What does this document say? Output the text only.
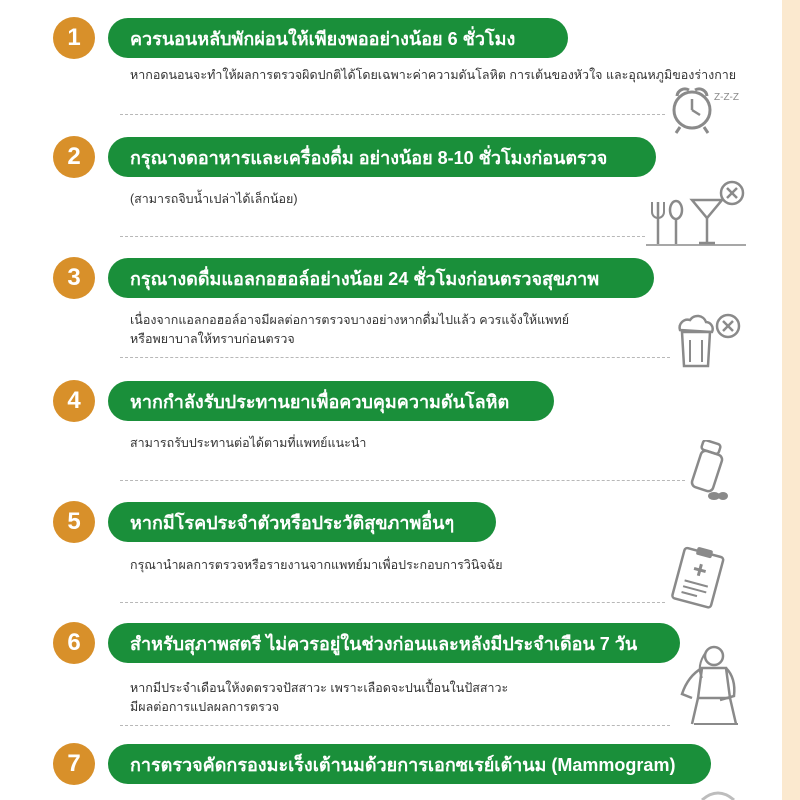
1	ควรนอนหลับพักผ่อนให้เพียงพออย่างน้อย 6 ชั่วโมง
หากอดนอนจะทำให้ผลการตรวจผิดปกติได้โดยเฉพาะค่าความดันโลหิต การเต้นของหัวใจ และอุณหภูมิของร่างกาย
Z-Z-Z
2	กรุณางดอาหารและเครื่องดื่ม อย่างน้อย 8-10 ชั่วโมงก่อนตรวจ
(สามารถจิบน้ำเปล่าได้เล็กน้อย)
3	กรุณางดดื่มแอลกอฮอล์อย่างน้อย 24 ชั่วโมงก่อนตรวจสุขภาพ
เนื่องจากแอลกอฮอล์อาจมีผลต่อการตรวจบางอย่างหากดื่มไปแล้ว ควรแจ้งให้แพทย์
หรือพยาบาลให้ทราบก่อนตรวจ
4	หากกำลังรับประทานยาเพื่อควบคุมความดันโลหิต
สามารถรับประทานต่อได้ตามที่แพทย์แนะนำ
5	หากมีโรคประจำตัวหรือประวัติสุขภาพอื่นๆ
กรุณานำผลการตรวจหรือรายงานจากแพทย์มาเพื่อประกอบการวินิจฉัย
6	สำหรับสุภาพสตรี ไม่ควรอยู่ในช่วงก่อนและหลังมีประจำเดือน 7 วัน
หากมีประจำเดือนให้งดตรวจปัสสาวะ เพราะเลือดจะปนเปื้อนในปัสสาวะ
มีผลต่อการแปลผลการตรวจ
7	การตรวจคัดกรองมะเร็งเต้านมด้วยการเอกซเรย์เต้านม (Mammogram)
